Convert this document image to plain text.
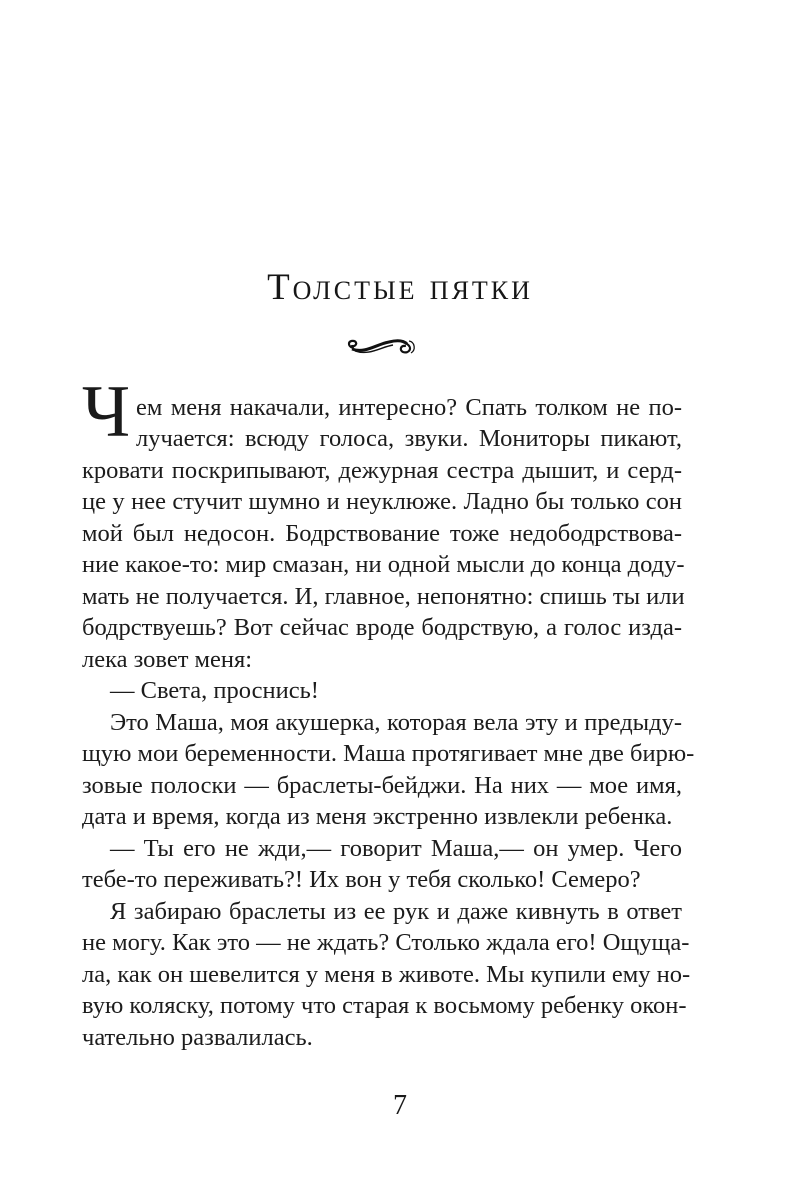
Толстые пятки
Ч ем меня накачали, интересно? Спать толком не по-
лучается: всюду голоса, звуки. Мониторы пикают,
кровати поскрипывают, дежурная сестра дышит, и серд-
це у нее стучит шумно и неуклюже. Ладно бы только сон
мой был недосон. Бодрствование тоже недободрствова-
ние какое-то: мир смазан, ни одной мысли до конца доду-
мать не получается. И, главное, непонятно: спишь ты или
бодрствуешь? Вот сейчас вроде бодрствую, а голос изда-
лека зовет меня:
— Света, проснись!
Это Маша, моя акушерка, которая вела эту и предыду-
щую мои беременности. Маша протягивает мне две бирю-
зовые полоски — браслеты-бейджи. На них — мое имя,
дата и время, когда из меня экстренно извлекли ребенка.
— Ты его не жди,— говорит Маша,— он умер. Чего
тебе-то переживать?! Их вон у тебя сколько! Семеро?
Я забираю браслеты из ее рук и даже кивнуть в ответ
не могу. Как это — не ждать? Столько ждала его! Ощуща-
ла, как он шевелится у меня в животе. Мы купили ему но-
вую коляску, потому что старая к восьмому ребенку окон-
чательно развалилась.
7
